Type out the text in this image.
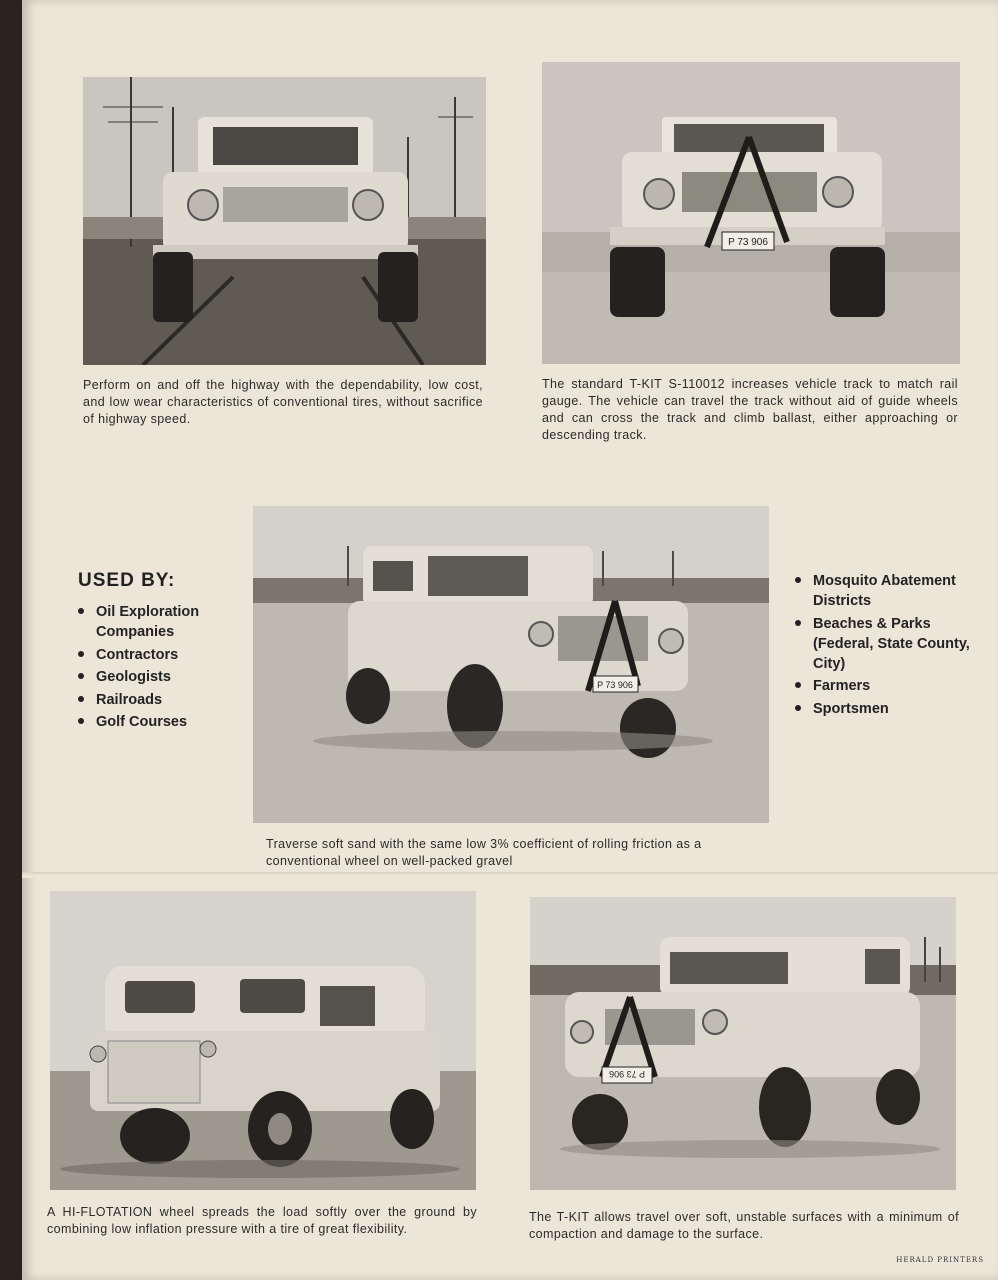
Perform on and off the highway with the dependability, low cost, and low wear characteristics of conventional tires, without sacrifice of highway speed.

P 73 906

The standard T-KIT S-110012 increases vehicle track to match rail gauge. The vehicle can travel the track without aid of guide wheels and can cross the track and climb ballast, either approaching or descending track.

USED BY:
Oil Exploration Companies
Contractors
Geologists
Railroads
Golf Courses
P 73 906

Traverse soft sand with the same low 3% coefficient of rolling friction as a conventional wheel on well-packed gravel

Mosquito Abatement Districts
Beaches & Parks (Federal, State County, City)
Farmers
Sportsmen

A HI-FLOTATION wheel spreads the load softly over the ground by combining low inflation pressure with a tire of great flexibility.

P 73 906

The T-KIT allows travel over soft, unstable surfaces with a minimum of compaction and damage to the surface.

HERALD PRINTERS
